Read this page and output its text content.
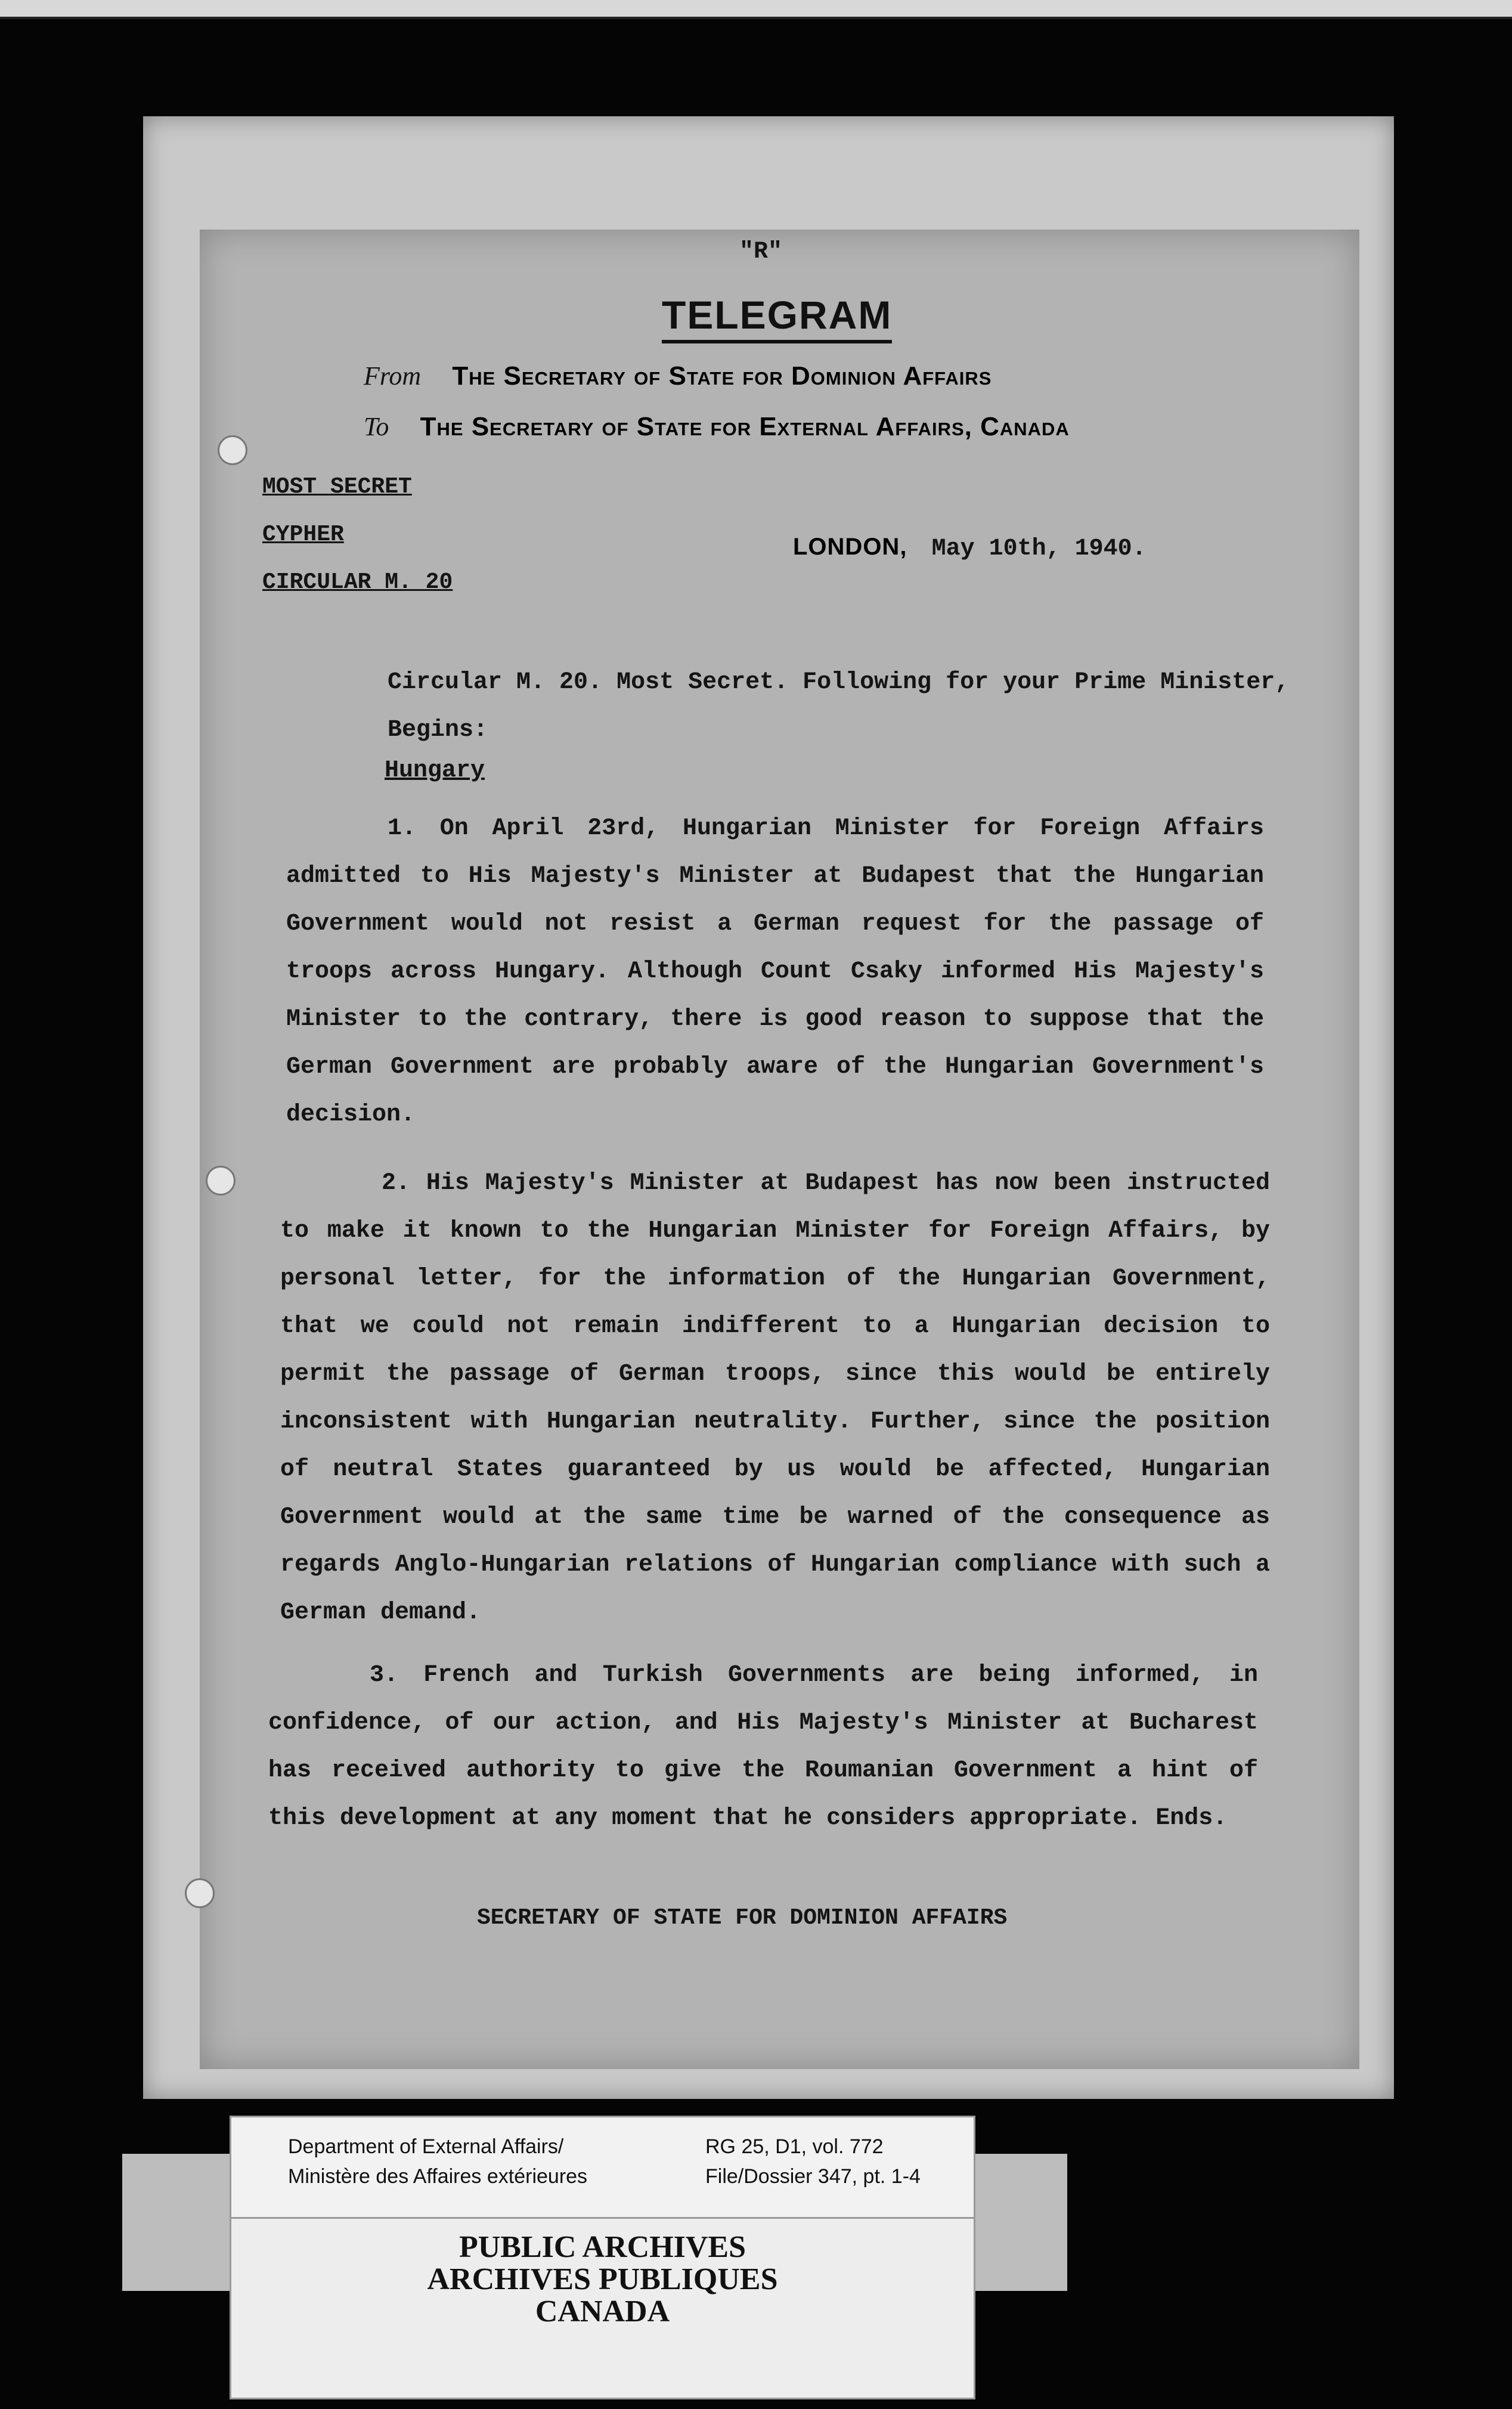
"R"
TELEGRAM
From The Secretary of State for Dominion Affairs
To The Secretary of State for External Affairs, Canada
MOST SECRET
CYPHER
CIRCULAR M. 20
LONDON, May 10th, 1940.
Circular M. 20. Most Secret. Following for your Prime Minister, Begins:
Hungary
1. On April 23rd, Hungarian Minister for Foreign Affairs admitted to His Majesty's Minister at Budapest that the Hungarian Government would not resist a German request for the passage of troops across Hungary. Although Count Csaky informed His Majesty's Minister to the contrary, there is good reason to suppose that the German Government are probably aware of the Hungarian Government's decision.
2. His Majesty's Minister at Budapest has now been instructed to make it known to the Hungarian Minister for Foreign Affairs, by personal letter, for the information of the Hungarian Government, that we could not remain indifferent to a Hungarian decision to permit the passage of German troops, since this would be entirely inconsistent with Hungarian neutrality. Further, since the position of neutral States guaranteed by us would be affected, Hungarian Government would at the same time be warned of the consequence as regards Anglo-Hungarian relations of Hungarian compliance with such a German demand.
3. French and Turkish Governments are being informed, in confidence, of our action, and His Majesty's Minister at Bucharest has received authority to give the Roumanian Government a hint of this development at any moment that he considers appropriate. Ends.
SECRETARY OF STATE FOR DOMINION AFFAIRS
Department of External Affairs/
Ministère des Affaires extérieures
RG 25, D1, vol. 772
File/Dossier 347, pt. 1-4
PUBLIC ARCHIVES
ARCHIVES PUBLIQUES
CANADA
